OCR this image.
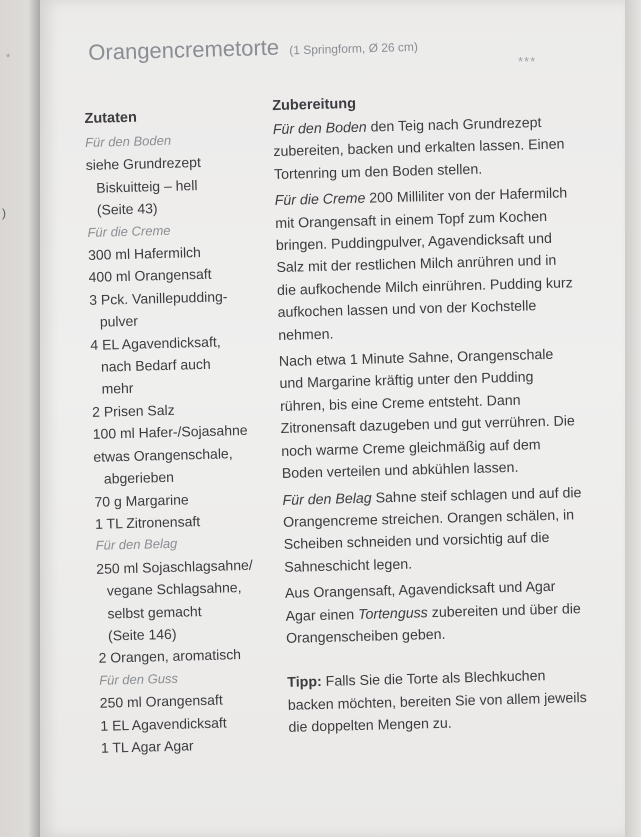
*
)
Orangencremetorte (1 Springform, Ø 26 cm)
***
Zutaten
Für den Boden
siehe Grundrezept
Biskuitteig – hell
(Seite 43)
Für die Creme
300 ml Hafermilch
400 ml Orangensaft
3 Pck. Vanillepudding-
pulver
4 EL Agavendicksaft,
nach Bedarf auch
mehr
2 Prisen Salz
100 ml Hafer-/Sojasahne
etwas Orangenschale,
abgerieben
70 g Margarine
1 TL Zitronensaft
Für den Belag
250 ml Sojaschlagsahne/
vegane Schlagsahne,
selbst gemacht
(Seite 146)
2 Orangen, aromatisch
Für den Guss
250 ml Orangensaft
1 EL Agavendicksaft
1 TL Agar Agar
Zubereitung

Für den Boden den Teig nach Grundrezept zubereiten, backen und erkalten lassen. Einen Tortenring um den Boden stellen.

Für die Creme 200 Milliliter von der Hafermilch mit Orangensaft in einem Topf zum Kochen bringen. Puddingpulver, Agavendicksaft und Salz mit der restlichen Milch anrühren und in die aufkochende Milch einrühren. Pudding kurz aufkochen lassen und von der Kochstelle nehmen.

Nach etwa 1 Minute Sahne, Orangenschale und Margarine kräftig unter den Pudding rühren, bis eine Creme entsteht. Dann Zitronensaft dazugeben und gut verrühren. Die noch warme Creme gleichmäßig auf dem Boden verteilen und abkühlen lassen.

Für den Belag Sahne steif schlagen und auf die Orangencreme streichen. Orangen schälen, in Scheiben schneiden und vorsichtig auf die Sahneschicht legen.

Aus Orangensaft, Agavendicksaft und Agar Agar einen Tortenguss zubereiten und über die Orangenscheiben geben.

Tipp: Falls Sie die Torte als Blechkuchen backen möchten, bereiten Sie von allem jeweils die doppelten Mengen zu.
